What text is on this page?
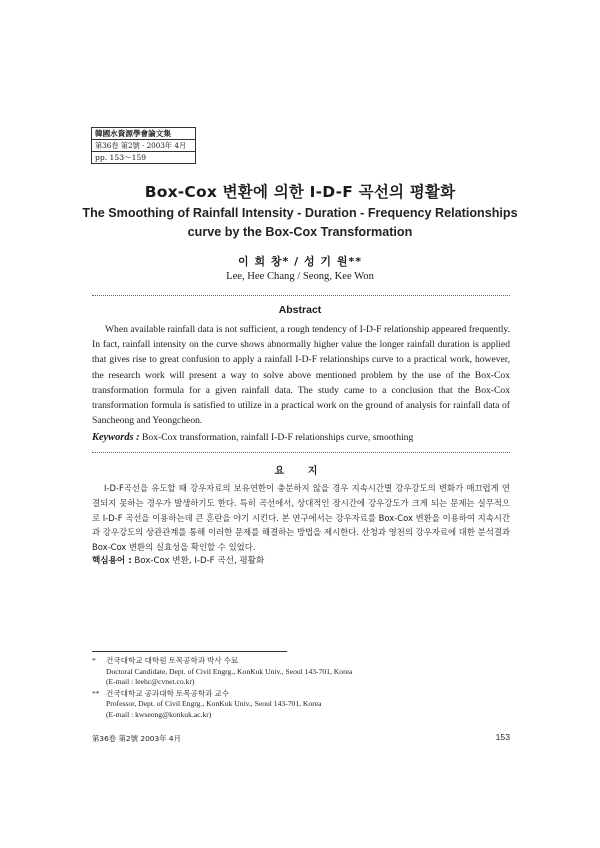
韓國水資源學會論文集
第36卷 第2號 · 2003年 4月
pp. 153～159
Box-Cox 변환에 의한 I-D-F 곡선의 평활화
The Smoothing of Rainfall Intensity - Duration - Frequency Relationships
curve by the Box-Cox Transformation
이 희 창* / 성 기 원**
Lee, Hee Chang / Seong, Kee Won
Abstract

When available rainfall data is not sufficient, a rough tendency of I-D-F relationship appeared frequently. In fact, rainfall intensity on the curve shows abnormally higher value the longer rainfall duration is applied that gives rise to great confusion to apply a rainfall I-D-F relationships curve to a practical work, however, the research work will present a way to solve above mentioned problem by the use of the Box-Cox transformation formula for a given rainfall data. The study came to a conclusion that the Box-Cox transformation formula is satisfied to utilize in a practical work on the ground of analysis for rainfall data of Sancheong and Yeongcheon.

Keywords : Box-Cox transformation, rainfall I-D-F relationships curve, smoothing
요 지

I-D-F곡선을 유도할 때 강우자료의 보유연한이 충분하지 않을 경우 지속시간별 강우강도의 변화가 매끄럽게 연결되지 못하는 경우가 발생하기도 한다. 특히 곡선에서, 상대적인 장시간에 강우강도가 크게 되는 문제는 실무적으로 I-D-F 곡선을 이용하는데 큰 혼란을 야기 시킨다. 본 연구에서는 강우자료를 Box-Cox 변환을 이용하여 지속시간과 강우강도의 상관관계를 통해 이러한 문제를 해결하는 방법을 제시한다. 산청과 영천의 강우자료에 대한 분석결과 Box-Cox 변환의 실효성을 확인할 수 있었다.

핵심용어 : Box-Cox 변환, I-D-F 곡선, 평활화
*	건국대학교 대학원 토목공학과 박사 수료
Doctoral Candidate, Dept. of Civil Engrg., KonKuk Univ., Seoul 143-701, Korea
(E-mail : leehc@cvnet.co.kr)
** 건국대학교 공과대학 토목공학과 교수
Professor, Dept. of Civil Engrg., KonKuk Univ., Seoul 143-701, Korea
(E-mail : kwseong@konkuk.ac.kr)
第36卷 第2號 2003年 4月	153
